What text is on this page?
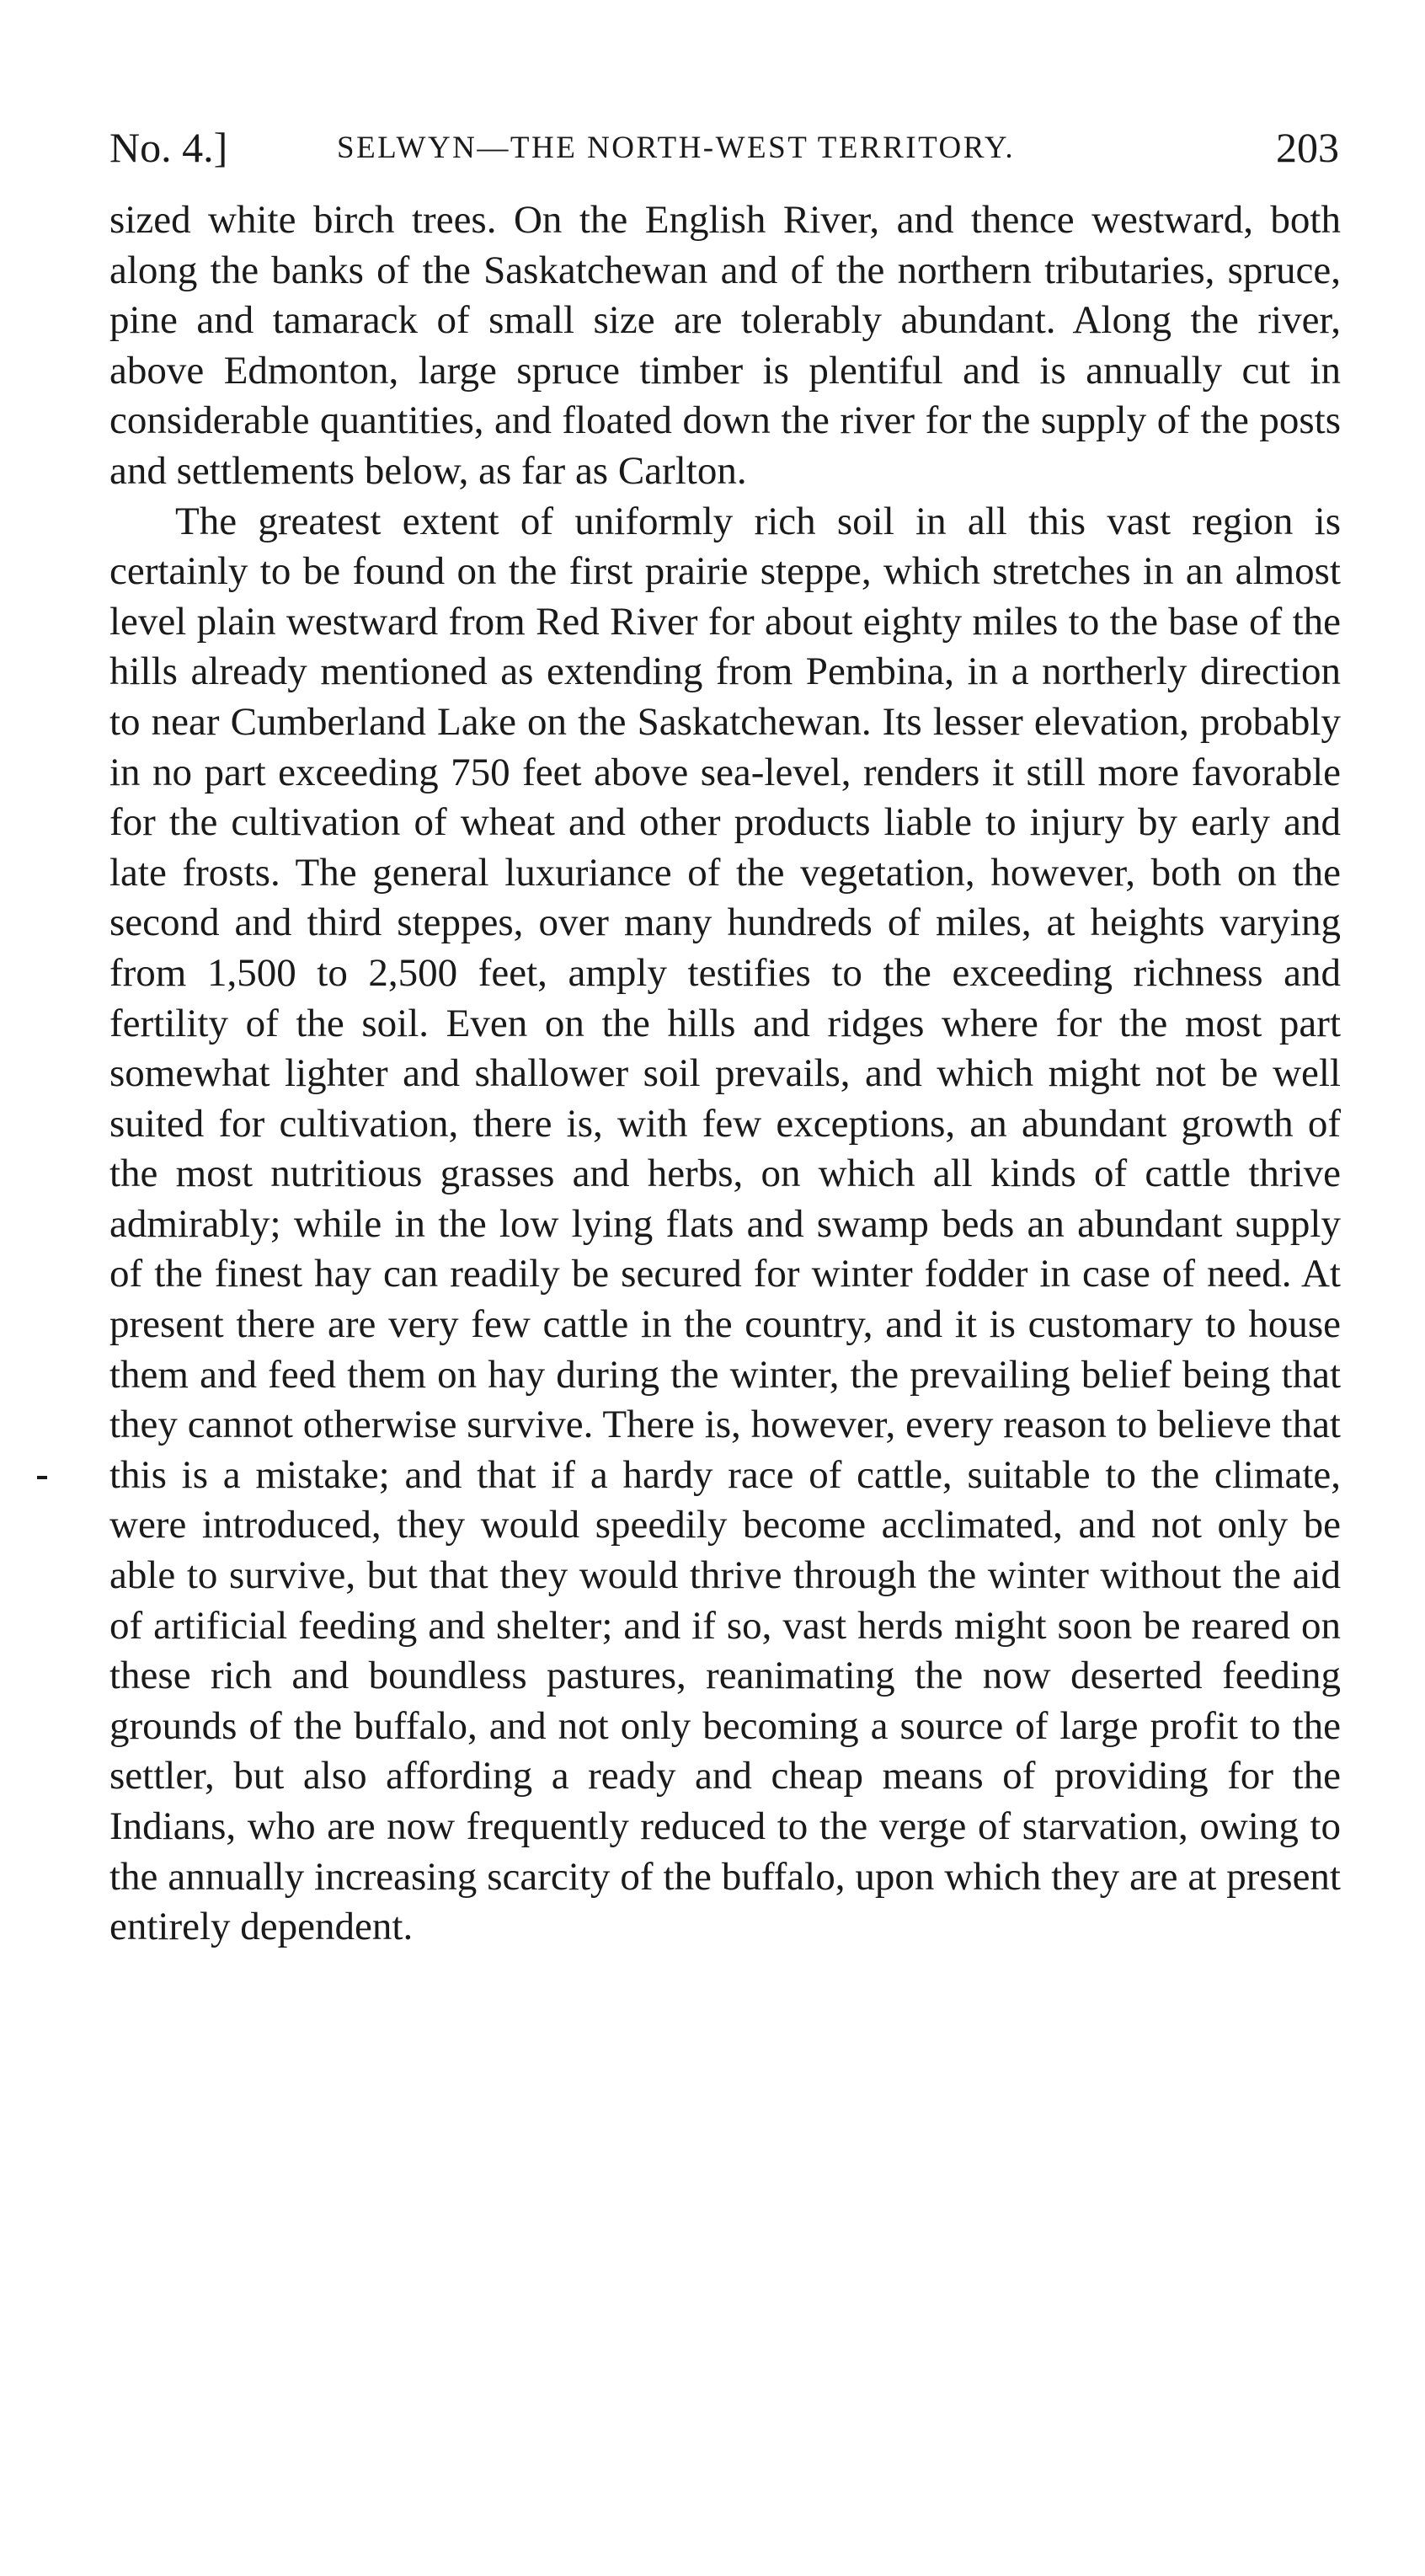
No. 4.]	SELWYN—THE NORTH-WEST TERRITORY.	203

sized white birch trees. On the English River, and thence westward, both along the banks of the Saskatchewan and of the northern tributaries, spruce, pine and tamarack of small size are tolerably abundant. Along the river, above Edmonton, large spruce timber is plentiful and is annually cut in considerable quantities, and floated down the river for the supply of the posts and settlements below, as far as Carlton.

The greatest extent of uniformly rich soil in all this vast region is certainly to be found on the first prairie steppe, which stretches in an almost level plain westward from Red River for about eighty miles to the base of the hills already mentioned as extending from Pembina, in a northerly direction to near Cumberland Lake on the Saskatchewan. Its lesser elevation, probably in no part exceeding 750 feet above sea-level, renders it still more favorable for the cultivation of wheat and other products liable to injury by early and late frosts. The general luxuriance of the vegetation, however, both on the second and third steppes, over many hundreds of miles, at heights varying from 1,500 to 2,500 feet, amply testifies to the exceeding richness and fertility of the soil. Even on the hills and ridges where for the most part somewhat lighter and shallower soil prevails, and which might not be well suited for cultivation, there is, with few exceptions, an abundant growth of the most nutritious grasses and herbs, on which all kinds of cattle thrive admirably; while in the low lying flats and swamp beds an abundant supply of the finest hay can readily be secured for winter fodder in case of need. At present there are very few cattle in the country, and it is customary to house them and feed them on hay during the winter, the prevailing belief being that they cannot otherwise survive. There is, however, every reason to believe that this is a mistake; and that if a hardy race of cattle, suitable to the climate, were introduced, they would speedily become acclimated, and not only be able to survive, but that they would thrive through the winter without the aid of artificial feeding and shelter; and if so, vast herds might soon be reared on these rich and boundless pastures, reanimating the now deserted feeding grounds of the buffalo, and not only becoming a source of large profit to the settler, but also affording a ready and cheap means of providing for the Indians, who are now frequently reduced to the verge of starvation, owing to the annually increasing scarcity of the buffalo, upon which they are at present entirely dependent.
